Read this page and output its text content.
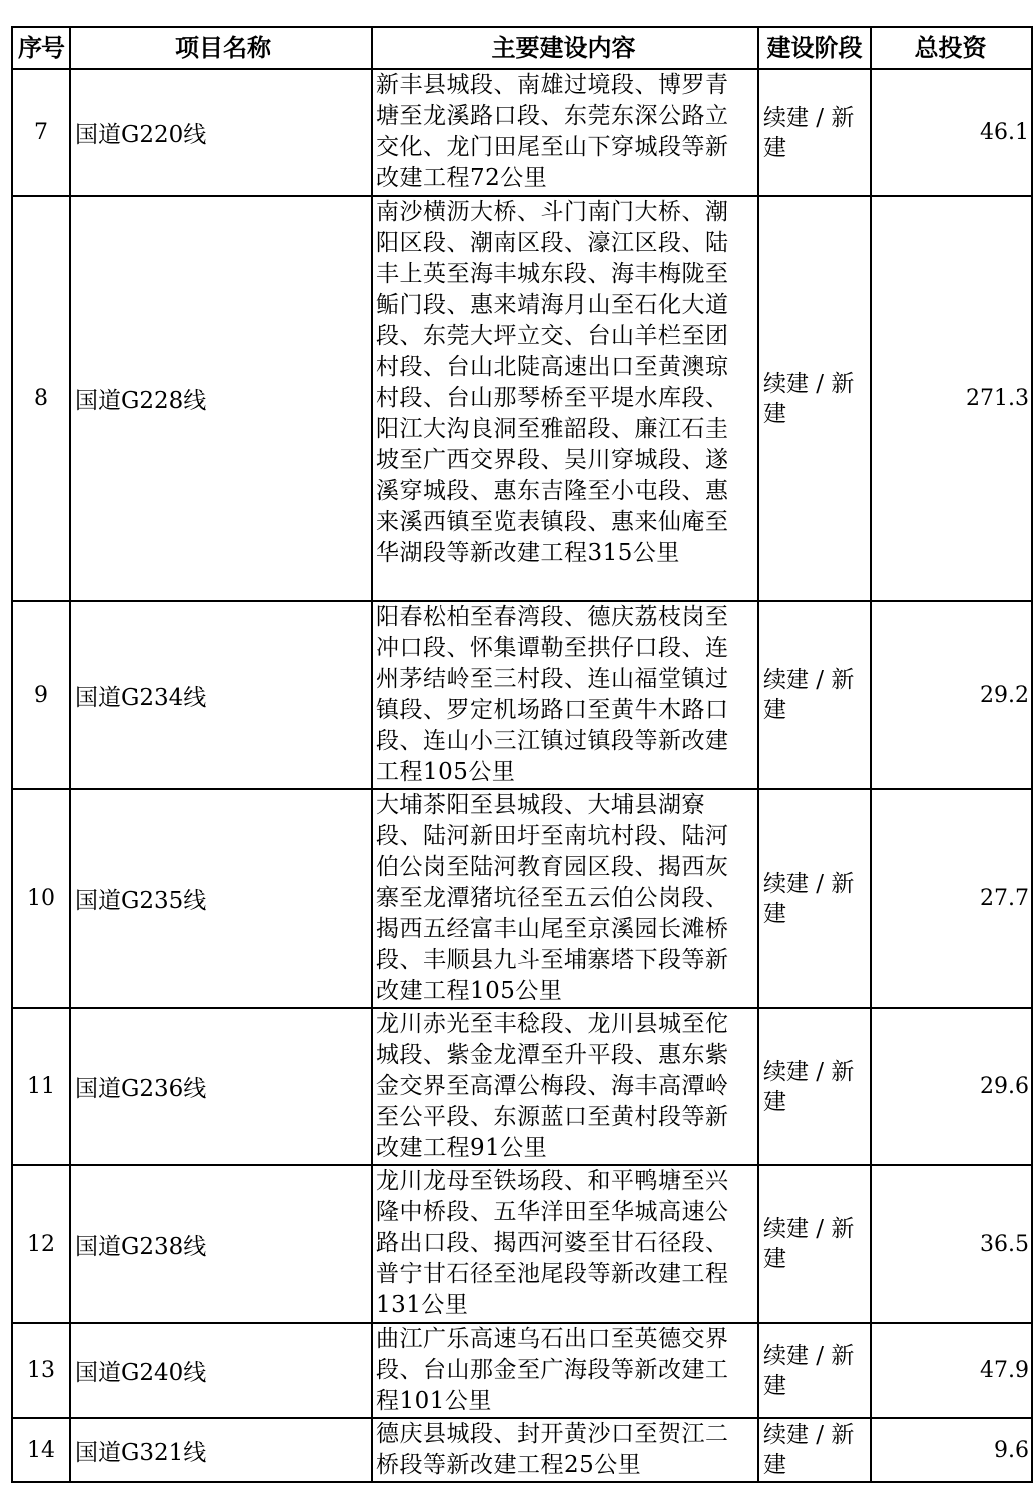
序号	项目名称	主要建设内容	建设阶段	总投资
7	国道G220线	新丰县城段、南雄过境段、博罗青塘至龙溪路口段、东莞东深公路立交化、龙门田尾至山下穿城段等新改建工程72公里	续建 / 新建	46.1
8	国道G228线	南沙横沥大桥、斗门南门大桥、潮阳区段、潮南区段、濠江区段、陆丰上英至海丰城东段、海丰梅陇至鲘门段、惠来靖海月山至石化大道段、东莞大坪立交、台山羊栏至团村段、台山北陡高速出口至黄澳琼村段、台山那琴桥至平堤水库段、阳江大沟良洞至雅韶段、廉江石圭坡至广西交界段、吴川穿城段、遂溪穿城段、惠东吉隆至小屯段、惠来溪西镇至览表镇段、惠来仙庵至华湖段等新改建工程315公里	续建 / 新建	271.3
9	国道G234线	阳春松柏至春湾段、德庆荔枝岗至冲口段、怀集谭勒至拱仔口段、连州茅结岭至三村段、连山福堂镇过镇段、罗定机场路口至黄牛木路口段、连山小三江镇过镇段等新改建工程105公里	续建 / 新建	29.2
10	国道G235线	大埔茶阳至县城段、大埔县湖寮段、陆河新田圩至南坑村段、陆河伯公岗至陆河教育园区段、揭西灰寨至龙潭猪坑径至五云伯公岗段、揭西五经富丰山尾至京溪园长滩桥段、丰顺县九斗至埔寨塔下段等新改建工程105公里	续建 / 新建	27.7
11	国道G236线	龙川赤光至丰稔段、龙川县城至佗城段、紫金龙潭至升平段、惠东紫金交界至高潭公梅段、海丰高潭岭至公平段、东源蓝口至黄村段等新改建工程91公里	续建 / 新建	29.6
12	国道G238线	龙川龙母至铁场段、和平鸭塘至兴隆中桥段、五华洋田至华城高速公路出口段、揭西河婆至甘石径段、普宁甘石径至池尾段等新改建工程131公里	续建 / 新建	36.5
13	国道G240线	曲江广乐高速乌石出口至英德交界段、台山那金至广海段等新改建工程101公里	续建 / 新建	47.9
14	国道G321线	德庆县城段、封开黄沙口至贺江二桥段等新改建工程25公里	续建 / 新建	9.6
